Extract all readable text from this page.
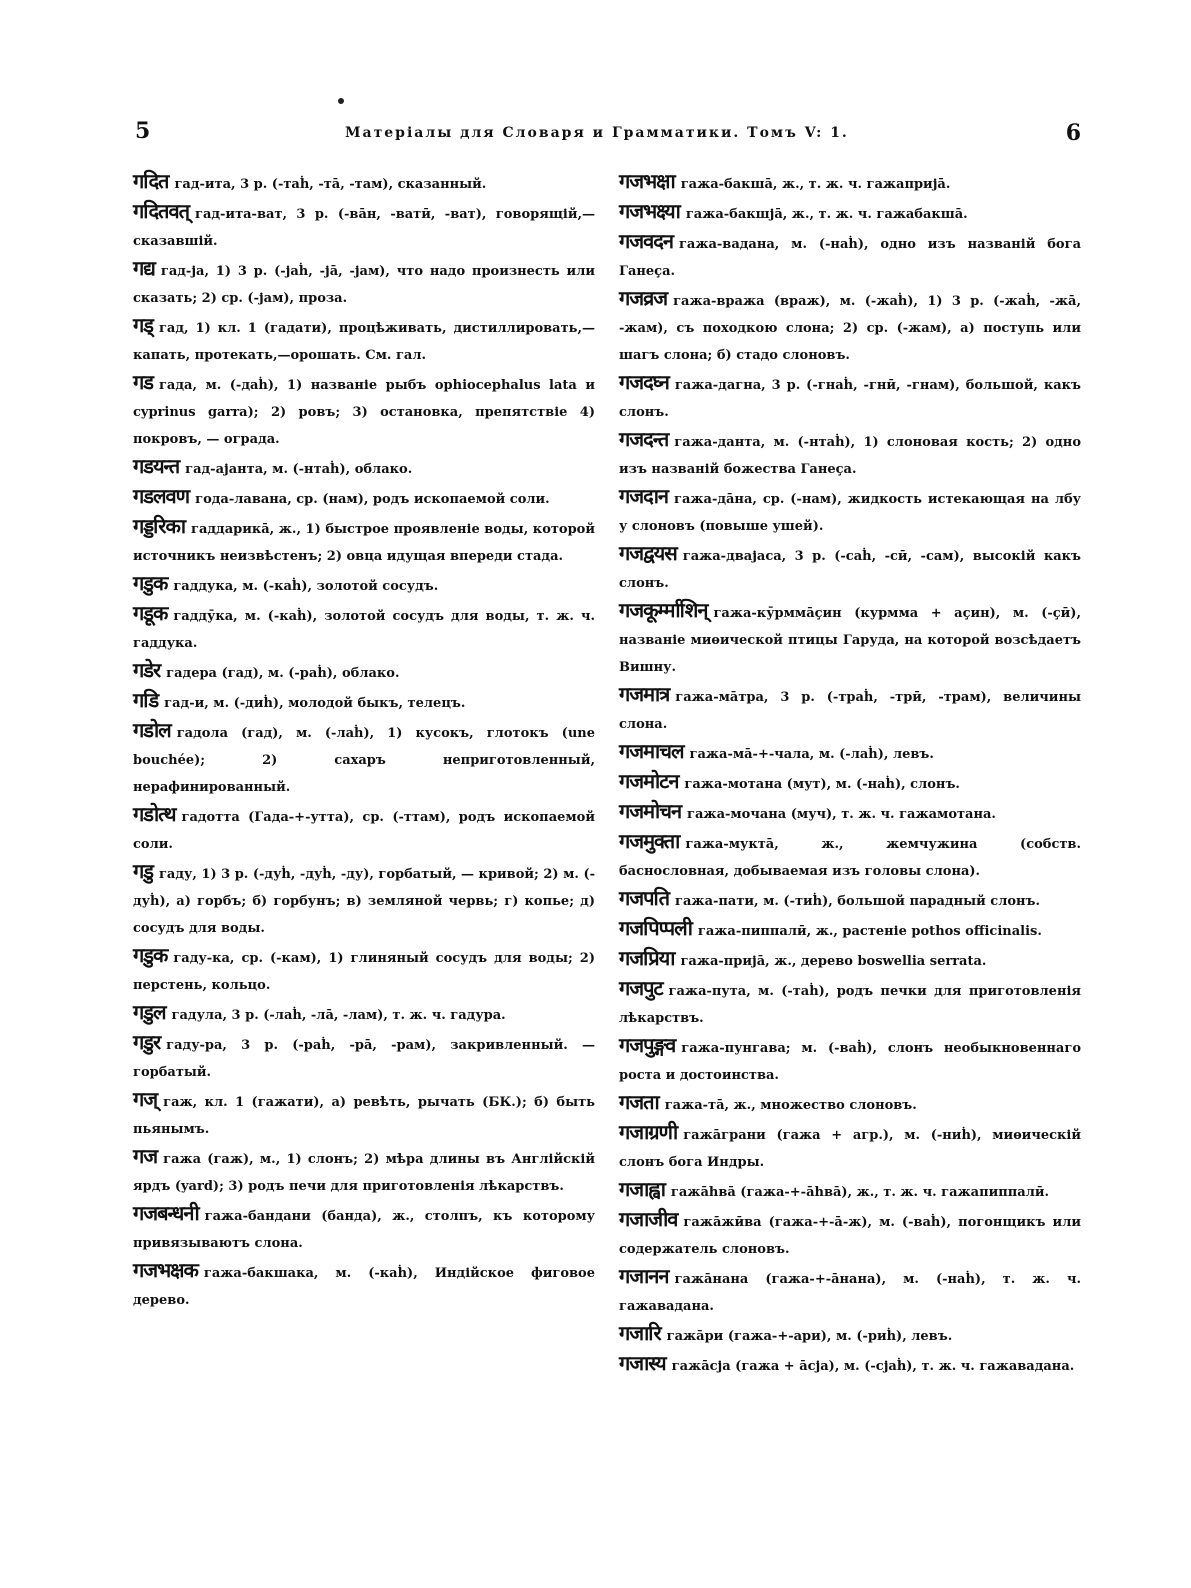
5	Матеріалы для Словаря и Грамматики. Томъ V: 1.	6

गदित гад-ита, 3 р. (-таḣ, -тā, -там), сказанный.

गदितवत् гад-ита-ват, 3 р. (-вāн, -ватӣ, -ват), говорящій,— сказавшій.

गद्य гад-ја, 1) 3 р. (-јаḣ, -јā, -јам), что надо произнесть или сказать; 2) ср. (-јам), проза.

गड् гад, 1) кл. 1 (гадати), процѣживать, дистиллировать,— капать, протекать,—орошать. См. гал.

गड гада, м. (-даḣ), 1) названіе рыбъ ophiocephalus lata и cyprinus garra); 2) ровъ; 3) остановка, препятствіе 4) покровъ, — ограда.

गडयन्त гад-ајанта, м. (-нтаḣ), облако.

गडलवण года-лавана, ср. (нам), родъ ископаемой соли.

गड्डरिका гаддарикā, ж., 1) быстрое проявленіе воды, которой источникъ неизвѣстенъ; 2) овца идущая впереди стада.

गडुक гаддука, м. (-каḣ), золотой сосудъ.

गडूक гаддӯка, м. (-каḣ), золотой сосудъ для воды, т. ж. ч. гаддука.

गडेर гадера (гад), м. (-раḣ), облако.

गडि гад-и, м. (-диḣ), молодой быкъ, телецъ.

गडोल гадола (гад), м. (-лаḣ), 1) кусокъ, глотокъ (une bouchée); 2) сахаръ неприготовленный, нерафинированный.

गडोत्थ гадотта (Гада-+-утта), ср. (-ттам), родъ ископаемой соли.

गडु гаду, 1) 3 р. (-дуḣ, -дуḣ, -ду), горбатый, — кривой; 2) м. (-дуḣ), а) горбъ; б) горбунъ; в) земляной червь; г) копье; д) сосудъ для воды.

गडुक гаду-ка, ср. (-кам), 1) глиняный сосудъ для воды; 2) перстень, кольцо.

गडुल гадула, 3 р. (-лаḣ, -лā, -лам), т. ж. ч. гадура.

गडुर гаду-ра, 3 р. (-раḣ, -рā, -рам), закривленный. — горбатый.

गज् гаж, кл. 1 (гажати), а) ревѣть, рычать (БК.); б) быть пьянымъ.

गज гажа (гаж), м., 1) слонъ; 2) мѣра длины въ Англійскій ярдъ (yard); 3) родъ печи для приготовленія лѣкарствъ.

गजबन्धनी гажа-бандани (банда), ж., столпъ, къ которому привязываютъ слона.

गजभक्षक гажа-бакшака, м. (-каḣ), Индійское фиговое дерево.

गजभक्षा гажа-бакшā, ж., т. ж. ч. гажапријā.

गजभक्ष्या гажа-бакшјā, ж., т. ж. ч. гажабакшā.

गजवदन гажа-вадана, м. (-наḣ), одно изъ названій бога Ганеça.

गजव्रज гажа-вража (враж), м. (-жаḣ), 1) 3 р. (-жаḣ, -жā, -жам), съ походкою слона; 2) ср. (-жам), а) поступь или шагъ слона; б) стадо слоновъ.

गजदघ्न гажа-дагна, 3 р. (-гнаḣ, -гнӣ, -гнам), большой, какъ слонъ.

गजदन्त гажа-данта, м. (-нтаḣ), 1) слоновая кость; 2) одно изъ названій божества Ганеça.

गजदान гажа-дāна, ср. (-нам), жидкость истекающая на лбу у слоновъ (повыше ушей).

गजद्वयस гажа-двајаса, 3 р. (-саḣ, -сӣ, -сам), высокій какъ слонъ.

गजकूर्म्माशिन् гажа-кӯрммāçин (курмма + аçин), м. (-çӣ), названіе миѳической птицы Гаруда, на которой возсѣдаетъ Вишну.

गजमात्र гажа-мāтра, 3 р. (-траḣ, -трӣ, -трам), величины слона.

गजमाचल гажа-мā-+-чала, м. (-лаḣ), левъ.

गजमोटन гажа-мотана (мут), м. (-наḣ), слонъ.

गजमोचन гажа-мочана (муч), т. ж. ч. гажамотана.

गजमुक्ता гажа-муктā, ж., жемчужина (собств. баснословная, добываемая изъ головы слона).

गजपति гажа-пати, м. (-тиḣ), большой парадный слонъ.

गजपिप्पली гажа-пиппалӣ, ж., растеніе pothos officinalis.

गजप्रिया гажа-пријā, ж., дерево boswellia serrata.

गजपुट гажа-пута, м. (-таḣ), родъ печки для приготовленія лѣкарствъ.

गजपुङ्गव гажа-пунгава; м. (-ваḣ), слонъ необыкновеннаго роста и достоинства.

गजता гажа-тā, ж., множество слоновъ.

गजाग्रणी гажāграни (гажа + агр.), м. (-ниḣ), миѳическій слонъ бога Индры.

गजाह्वा гажāhвā (гажа-+-āhвā), ж., т. ж. ч. гажапиппалӣ.

गजाजीव гажāжӣва (гажа-+-ā-ж), м. (-ваḣ), погонщикъ или содержатель слоновъ.

गजानन гажāнана (гажа-+-āнана), м. (-наḣ), т. ж. ч. гажавадана.

गजारि гажāри (гажа-+-ари), м. (-риḣ), левъ.

गजास्य гажāсја (гажа + āсја), м. (-сјаḣ), т. ж. ч. гажавадана.
